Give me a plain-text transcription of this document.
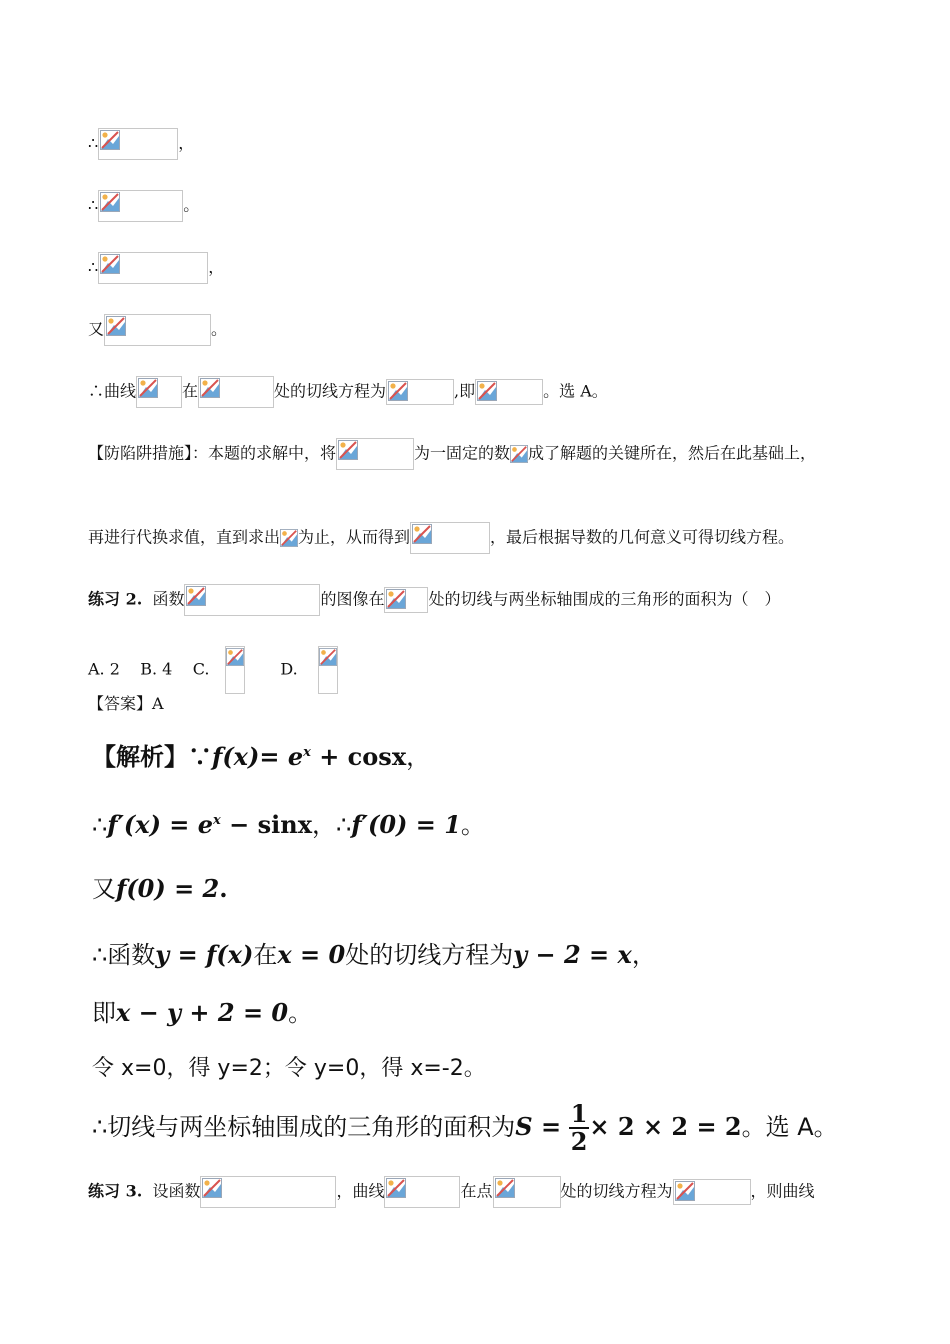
∴	，
∴	。
∴	，
又	。
∴曲线	在	处的切线方程为	,即	。选 A。
【防陷阱措施】：本题的求解中，将	为一固定的数 成了解题的关键所在，然后在此基础上，
再进行代换求值，直到求出 为止，从而得到	，最后根据导数的几何意义可得切线方程。
练习 2. 函数	的图像在	处的切线与两坐标轴围成的三角形的面积为（　）
A. 2 B. 4 C.	D.
【答案】A
【解析】∵f(x)= $e^x + \cos x$，
∴f′(x) = $e^x - \sin x$，∴f′(0) = 1。
又f(0) = 2.
∴函数y = f(x)在x = 0处的切线方程为y − 2 = x，
即x − y + 2 = 0。
令 x=0，得 y=2；令 y=0，得 x=-2。
∴切线与两坐标轴围成的三角形的面积为$S = \frac{1}{2} \times 2 \times 2 = 2$。选 A。
练习 3. 设函数	，曲线	在点	处的切线方程为	，则曲线
